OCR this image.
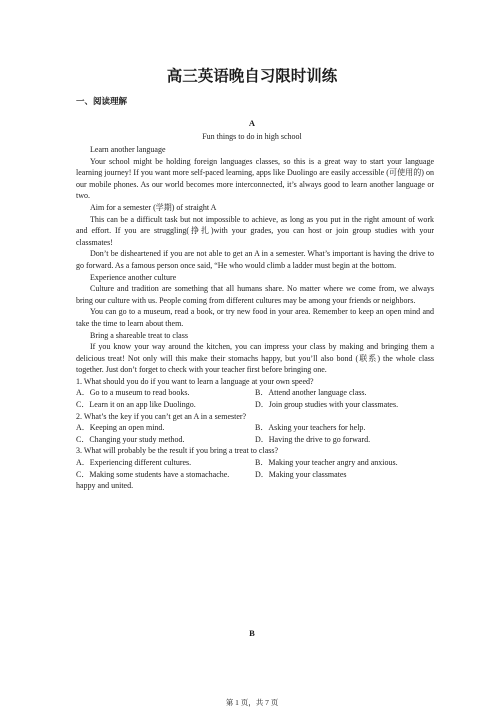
高三英语晚自习限时训练
一、阅读理解
A
Fun things to do in high school

Learn another language

Your school might be holding foreign languages classes, so this is a great way to start your language learning journey! If you want more self-paced learning, apps like Duolingo are easily accessible (可使用的) on our mobile phones. As our world becomes more interconnected, it’s always good to learn another language or two.

Aim for a semester (学期) of straight A

This can be a difficult task but not impossible to achieve, as long as you put in the right amount of work and effort. If you are struggling(挣扎)with your grades, you can host or join group studies with your classmates!

Don’t be disheartened if you are not able to get an A in a semester. What’s important is having the drive to go forward. As a famous person once said, “He who would climb a ladder must begin at the bottom.

Experience another culture

Culture and tradition are something that all humans share. No matter where we come from, we always bring our culture with us. People coming from different cultures may be among your friends or neighbors.

You can go to a museum, read a book, or try new food in your area. Remember to keep an open mind and take the time to learn about them.

Bring a shareable treat to class

If you know your way around the kitchen, you can impress your class by making and bringing them a delicious treat! Not only will this make their stomachs happy, but you’ll also bond (联系) the whole class together. Just don’t forget to check with your teacher first before bringing one.

1. What should you do if you want to learn a language at your own speed?

A．Go to a museum to read books.	B．Attend another language class.
C．Learn it on an app like Duolingo.	D．Join group studies with your classmates.

2. What’s the key if you can’t get an A in a semester?

A．Keeping an open mind.	B．Asking your teachers for help.
C．Changing your study method.	D．Having the drive to go forward.

3. What will probably be the result if you bring a treat to class?

A．Experiencing different cultures.	B．Making your teacher angry and anxious.
C．Making some students have a stomachache.	D．Making your classmates

happy and united.

B
第 1 页，共 7 页
